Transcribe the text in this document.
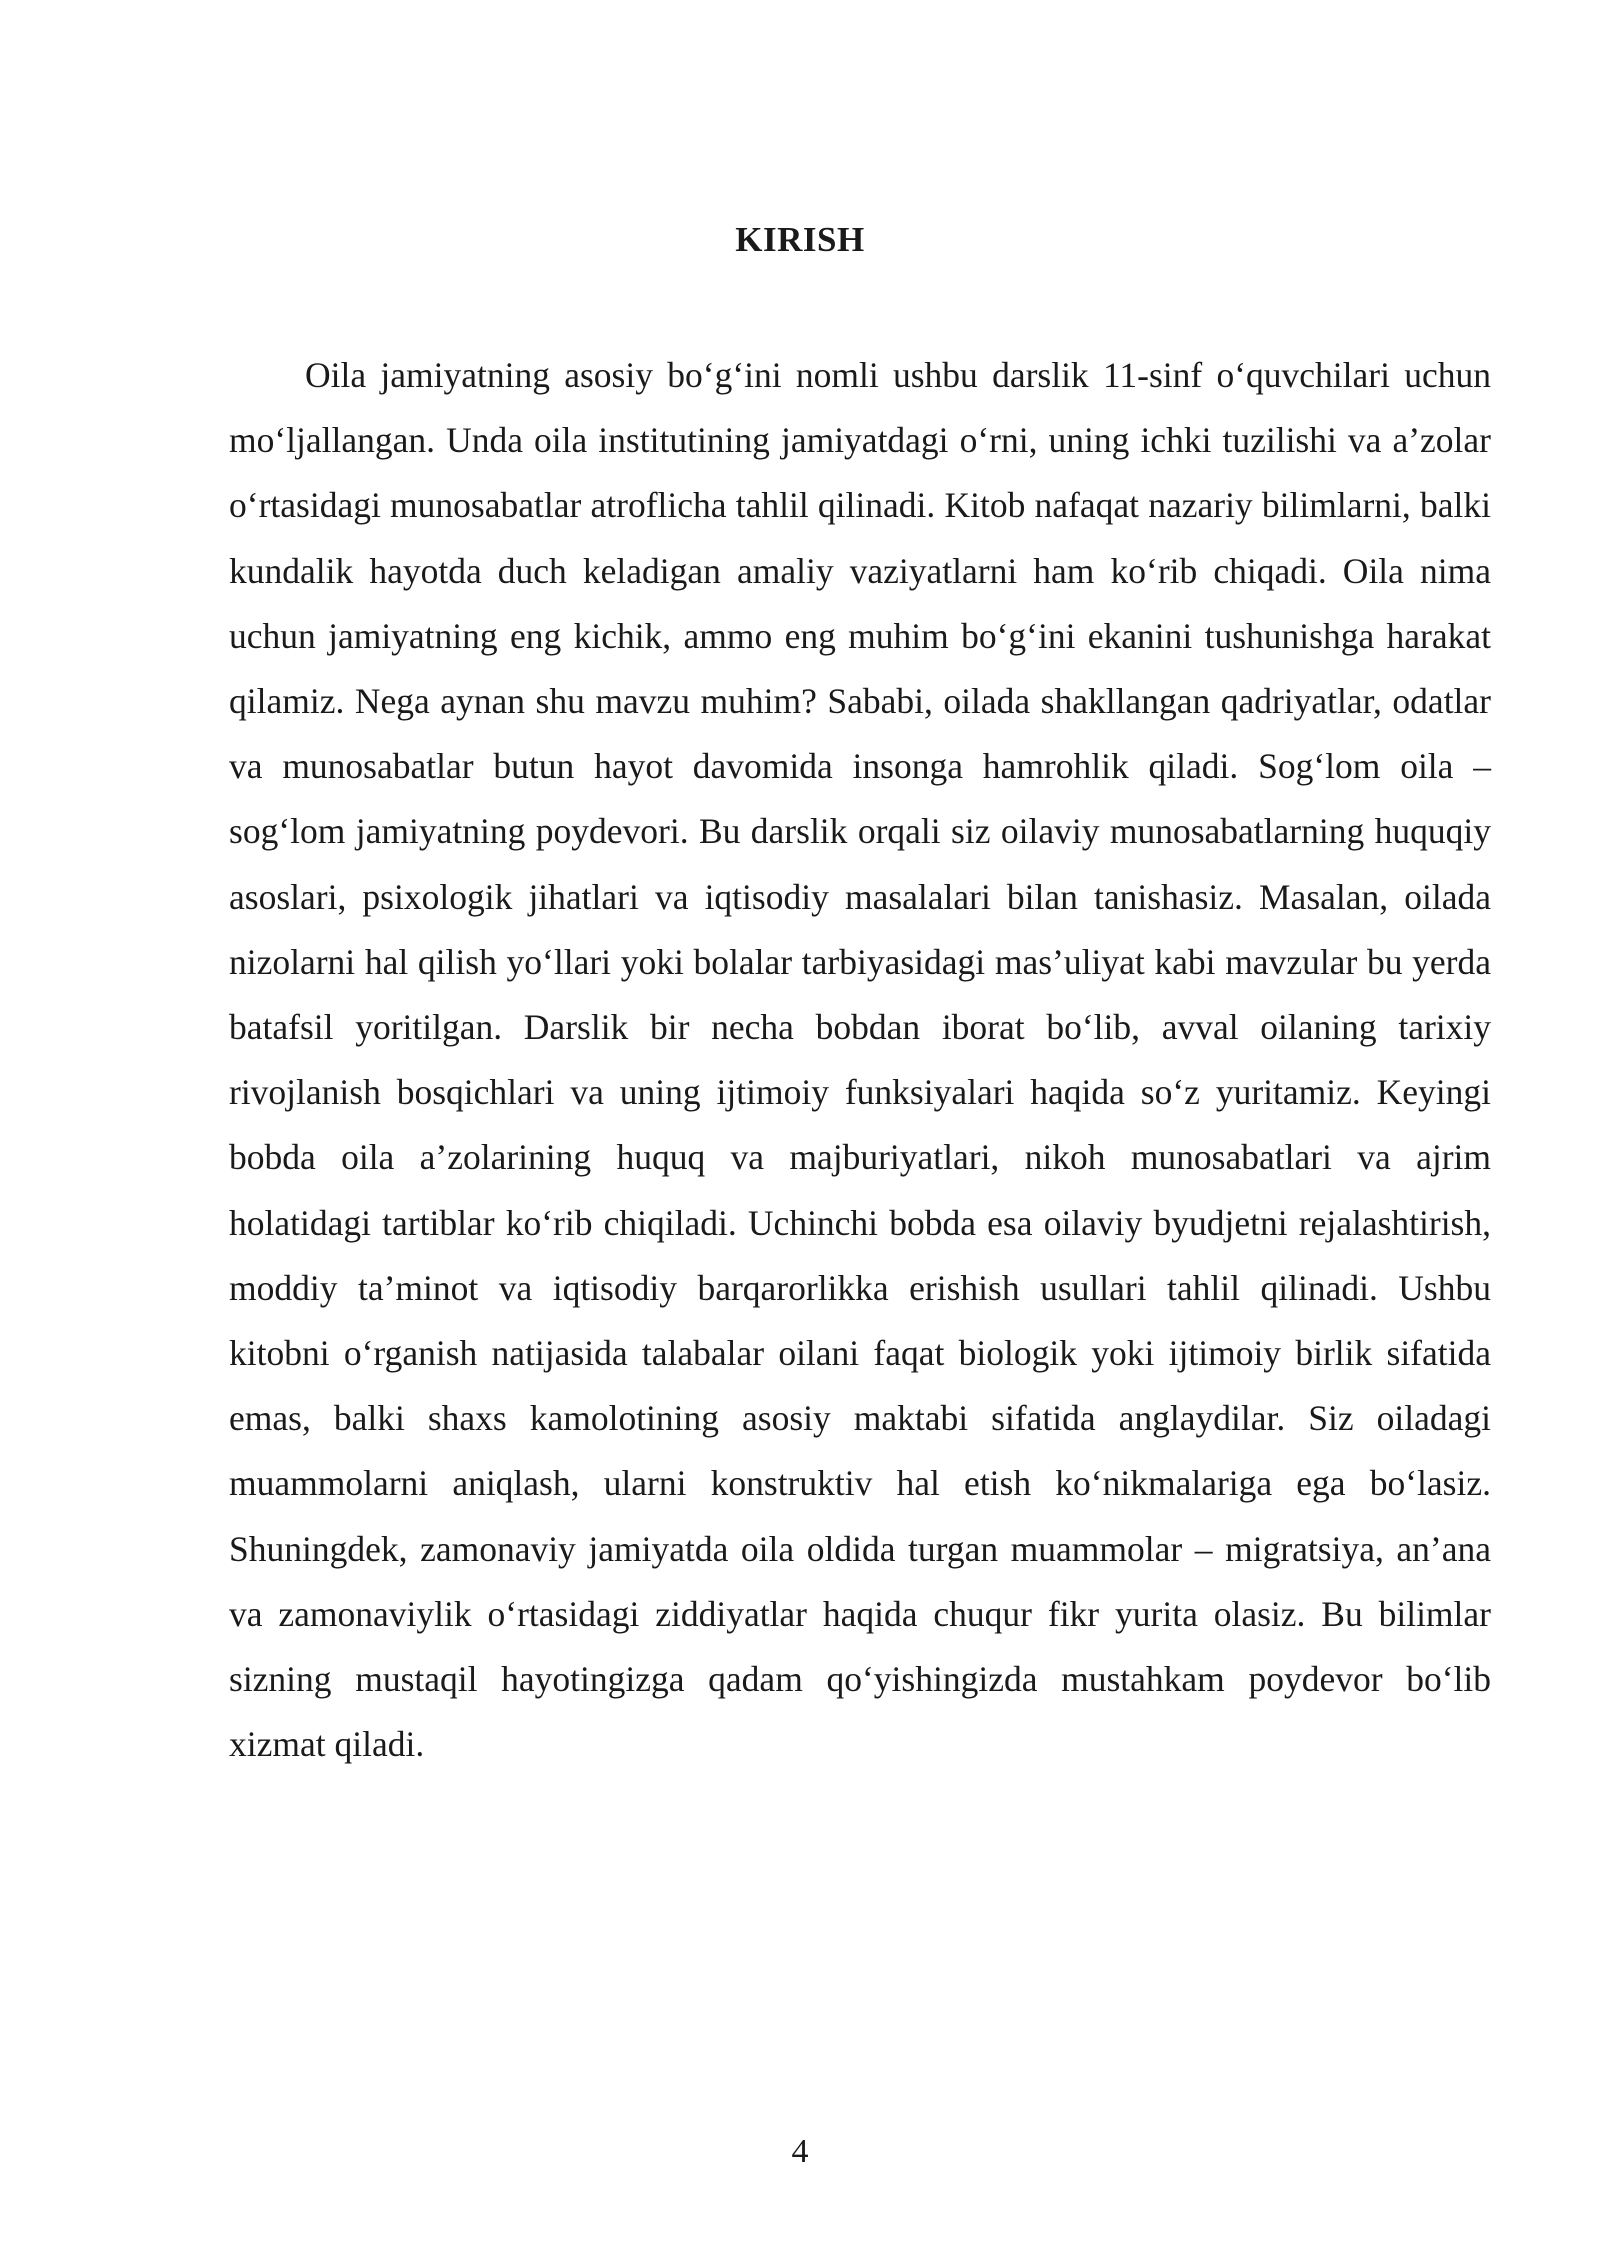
KIRISH

Oila jamiyatning asosiy bo‘g‘ini nomli ushbu darslik 11-sinf o‘quvchilari uchun mo‘ljallangan. Unda oila institutining jamiyatdagi o‘rni, uning ichki tuzilishi va a’zolar o‘rtasidagi munosabatlar atroflicha tahlil qilinadi. Kitob nafaqat nazariy bilimlarni, balki kundalik hayotda duch keladigan amaliy vaziyatlarni ham ko‘rib chiqadi. Oila nima uchun jamiyatning eng kichik, ammo eng muhim bo‘g‘ini ekanini tushunishga harakat qilamiz. Nega aynan shu mavzu muhim? Sababi, oilada shakllangan qadriyatlar, odatlar va munosabatlar butun hayot davomida insonga hamrohlik qiladi. Sog‘lom oila – sog‘lom jamiyatning poydevori. Bu darslik orqali siz oilaviy munosabatlarning huquqiy asoslari, psixologik jihatlari va iqtisodiy masalalari bilan tanishasiz. Masalan, oilada nizolarni hal qilish yo‘llari yoki bolalar tarbiyasidagi mas’uliyat kabi mavzular bu yerda batafsil yoritilgan. Darslik bir necha bobdan iborat bo‘lib, avval oilaning tarixiy rivojlanish bosqichlari va uning ijtimoiy funksiyalari haqida so‘z yuritamiz. Keyingi bobda oila a’zolarining huquq va majburiyatlari, nikoh munosabatlari va ajrim holatidagi tartiblar ko‘rib chiqiladi. Uchinchi bobda esa oilaviy byudjetni rejalashtirish, moddiy ta’minot va iqtisodiy barqarorlikka erishish usullari tahlil qilinadi. Ushbu kitobni o‘rganish natijasida talabalar oilani faqat biologik yoki ijtimoiy birlik sifatida emas, balki shaxs kamolotining asosiy maktabi sifatida anglaydilar. Siz oiladagi muammolarni aniqlash, ularni konstruktiv hal etish ko‘nikmalariga ega bo‘lasiz. Shuningdek, zamonaviy jamiyatda oila oldida turgan muammolar – migratsiya, an’ana va zamonaviylik o‘rtasidagi ziddiyatlar haqida chuqur fikr yurita olasiz. Bu bilimlar sizning mustaqil hayotingizga qadam qo‘yishingizda mustahkam poydevor bo‘lib xizmat qiladi.

4
